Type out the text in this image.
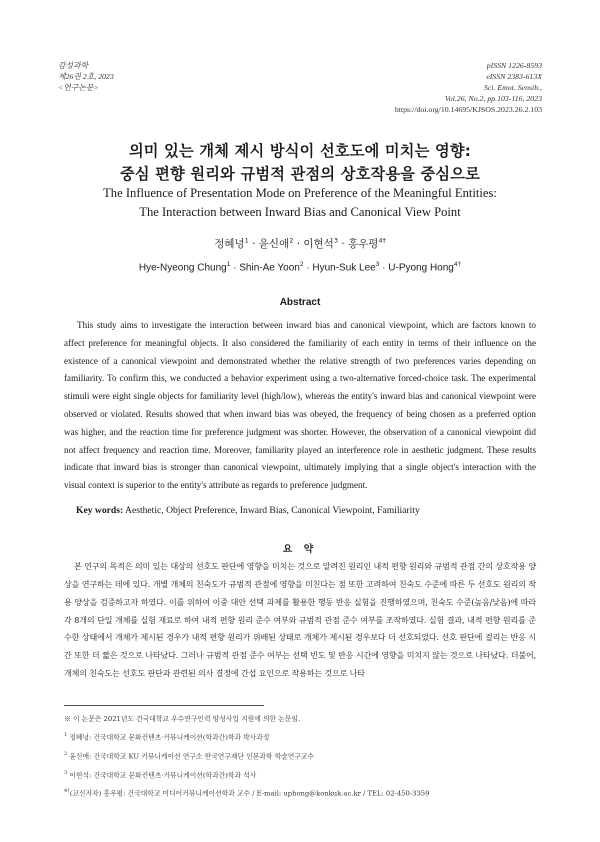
감성과학
제26권 2호, 2023
<연구논문>
pISSN 1226-8593
eISSN 2383-613X
Sci. Emot. Sensib.,
Vol.26, No.2, pp.103-116, 2023
https://doi.org/10.14695/KJSOS.2023.26.2.103
의미 있는 개체 제시 방식이 선호도에 미치는 영향:
중심 편향 원리와 규범적 관점의 상호작용을 중심으로
The Influence of Presentation Mode on Preference of the Meaningful Entities:
The Interaction between Inward Bias and Canonical View Point
정혜녕$^1$ · 윤신애$^2$ · 이현석$^3$ · 홍우평$^{4\dagger}$
Hye-Nyeong Chung$^1$ · Shin-Ae Yoon$^2$ · Hyun-Suk Lee$^3$ · U-Pyong Hong$^{4\dagger}$
Abstract

This study aims to investigate the interaction between inward bias and canonical viewpoint, which are factors known to affect preference for meaningful objects. It also considered the familiarity of each entity in terms of their influence on the existence of a canonical viewpoint and demonstrated whether the relative strength of two preferences varies depending on familiarity. To confirm this, we conducted a behavior experiment using a two-alternative forced-choice task. The experimental stimuli were eight single objects for familiarity level (high/low), whereas the entity's inward bias and canonical viewpoint were observed or violated. Results showed that when inward bias was obeyed, the frequency of being chosen as a preferred option was higher, and the reaction time for preference judgment was shorter. However, the observation of a canonical viewpoint did not affect frequency and reaction time. Moreover, familiarity played an interference role in aesthetic judgment. These results indicate that inward bias is stronger than canonical viewpoint, ultimately implying that a single object's interaction with the visual context is superior to the entity's attribute as regards to preference judgment.

Key words: Aesthetic, Object Preference, Inward Bias, Canonical Viewpoint, Familiarity
요 약

본 연구의 목적은 의미 있는 대상의 선호도 판단에 영향을 미치는 것으로 알려진 원리인 내적 편향 원리와 규범적 관점 간의 상호작용 양상을 연구하는 데에 있다. 개별 개체의 친숙도가 규범적 관점에 영향을 미친다는 점 또한 고려하여 친숙도 수준에 따른 두 선호도 원리의 작용 양상을 검증하고자 하였다. 이를 위하여 이중 대안 선택 과제를 활용한 행동 반응 실험을 진행하였으며, 친숙도 수준(높음/낮음)에 따라 각 8개의 단일 개체를 실험 재료로 하여 내적 편향 원리 준수 여부와 규범적 관점 준수 여부를 조작하였다. 실험 결과, 내적 편향 원리를 준수한 상태에서 개체가 제시된 경우가 내적 편향 원리가 위배된 상태로 개체가 제시된 경우보다 더 선호되었다. 선호 판단에 걸리는 반응 시간 또한 더 짧은 것으로 나타났다. 그러나 규범적 관점 준수 여부는 선택 빈도 및 반응 시간에 영향을 미치지 않는 것으로 나타났다. 더불어, 개체의 친숙도는 선호도 판단과 관련된 의사 결정에 간섭 요인으로 작용하는 것으로 나타

※ 이 논문은 2021년도 건국대학교 우수연구인력 양성사업 지원에 의한 논문임.
$^1$ 정혜녕: 건국대학교 문화컨텐츠·커뮤니케이션(학과간)학과 박사과정
$^2$ 윤신애: 건국대학교 KU 커뮤니케이션 연구소 한국연구재단 인문과학 학술연구교수
$^3$ 이현석: 건국대학교 문화컨텐츠·커뮤니케이션(학과간)학과 석사
$^{4\dagger}$(교신저자) 홍우평: 건국대학교 미디어커뮤니케이션학과 교수 / E-mail: uphong@konkuk.ac.kr / TEL: 02-450-3359
